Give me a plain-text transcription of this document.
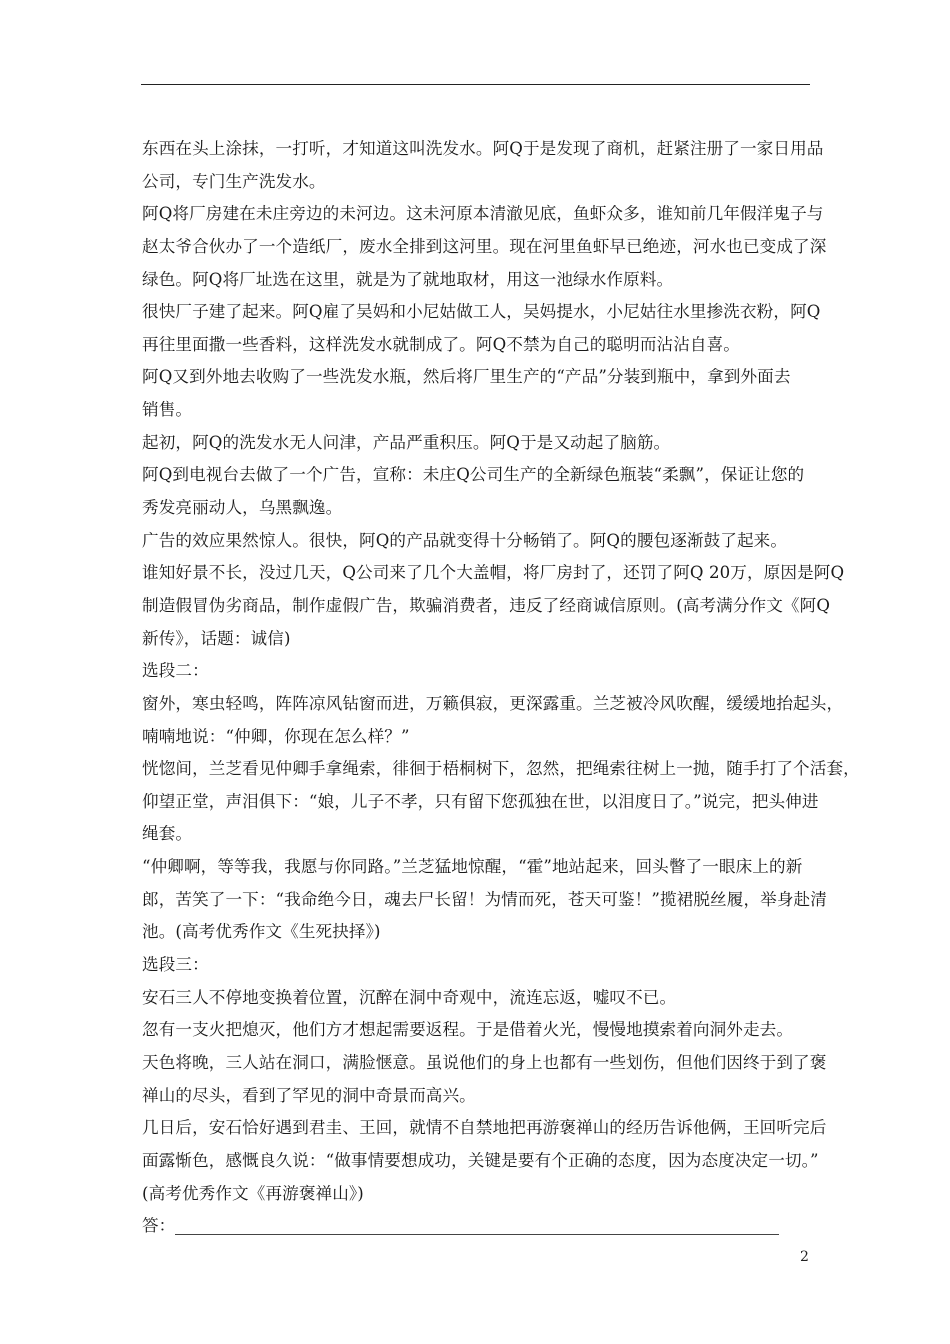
东西在头上涂抹，一打听，才知道这叫洗发水。阿Q于是发现了商机，赶紧注册了一家日用品
公司，专门生产洗发水。
阿Q将厂房建在未庄旁边的未河边。这未河原本清澈见底，鱼虾众多，谁知前几年假洋鬼子与
赵太爷合伙办了一个造纸厂，废水全排到这河里。现在河里鱼虾早已绝迹，河水也已变成了深
绿色。阿Q将厂址选在这里，就是为了就地取材，用这一池绿水作原料。
很快厂子建了起来。阿Q雇了吴妈和小尼姑做工人，吴妈提水，小尼姑往水里掺洗衣粉，阿Q
再往里面撒一些香料，这样洗发水就制成了。阿Q不禁为自己的聪明而沾沾自喜。
阿Q又到外地去收购了一些洗发水瓶，然后将厂里生产的“产品”分装到瓶中，拿到外面去
销售。
起初，阿Q的洗发水无人问津，产品严重积压。阿Q于是又动起了脑筋。
阿Q到电视台去做了一个广告，宣称：未庄Q公司生产的全新绿色瓶装“柔飘”，保证让您的
秀发亮丽动人，乌黑飘逸。
广告的效应果然惊人。很快，阿Q的产品就变得十分畅销了。阿Q的腰包逐渐鼓了起来。
谁知好景不长，没过几天，Q公司来了几个大盖帽，将厂房封了，还罚了阿Q 20万，原因是阿Q
制造假冒伪劣商品，制作虚假广告，欺骗消费者，违反了经商诚信原则。(高考满分作文《阿Q
新传》，话题：诚信)
选段二：
窗外，寒虫轻鸣，阵阵凉风钻窗而进，万籁俱寂，更深露重。兰芝被冷风吹醒，缓缓地抬起头，
喃喃地说：“仲卿，你现在怎么样？”
恍惚间，兰芝看见仲卿手拿绳索，徘徊于梧桐树下，忽然，把绳索往树上一抛，随手打了个活套，
仰望正堂，声泪俱下：“娘，儿子不孝，只有留下您孤独在世，以泪度日了。”说完，把头伸进
绳套。
“仲卿啊，等等我，我愿与你同路。”兰芝猛地惊醒，“霍”地站起来，回头瞥了一眼床上的新
郎，苦笑了一下：“我命绝今日，魂去尸长留！为情而死，苍天可鉴！”揽裙脱丝履，举身赴清
池。(高考优秀作文《生死抉择》)
选段三：
安石三人不停地变换着位置，沉醉在洞中奇观中，流连忘返，嘘叹不已。
忽有一支火把熄灭，他们方才想起需要返程。于是借着火光，慢慢地摸索着向洞外走去。
天色将晚，三人站在洞口，满脸惬意。虽说他们的身上也都有一些划伤，但他们因终于到了褒
禅山的尽头，看到了罕见的洞中奇景而高兴。
几日后，安石恰好遇到君圭、王回，就情不自禁地把再游褒禅山的经历告诉他俩，王回听完后
面露惭色，感慨良久说：“做事情要想成功，关键是要有个正确的态度，因为态度决定一切。”
(高考优秀作文《再游褒禅山》)
答：
2
